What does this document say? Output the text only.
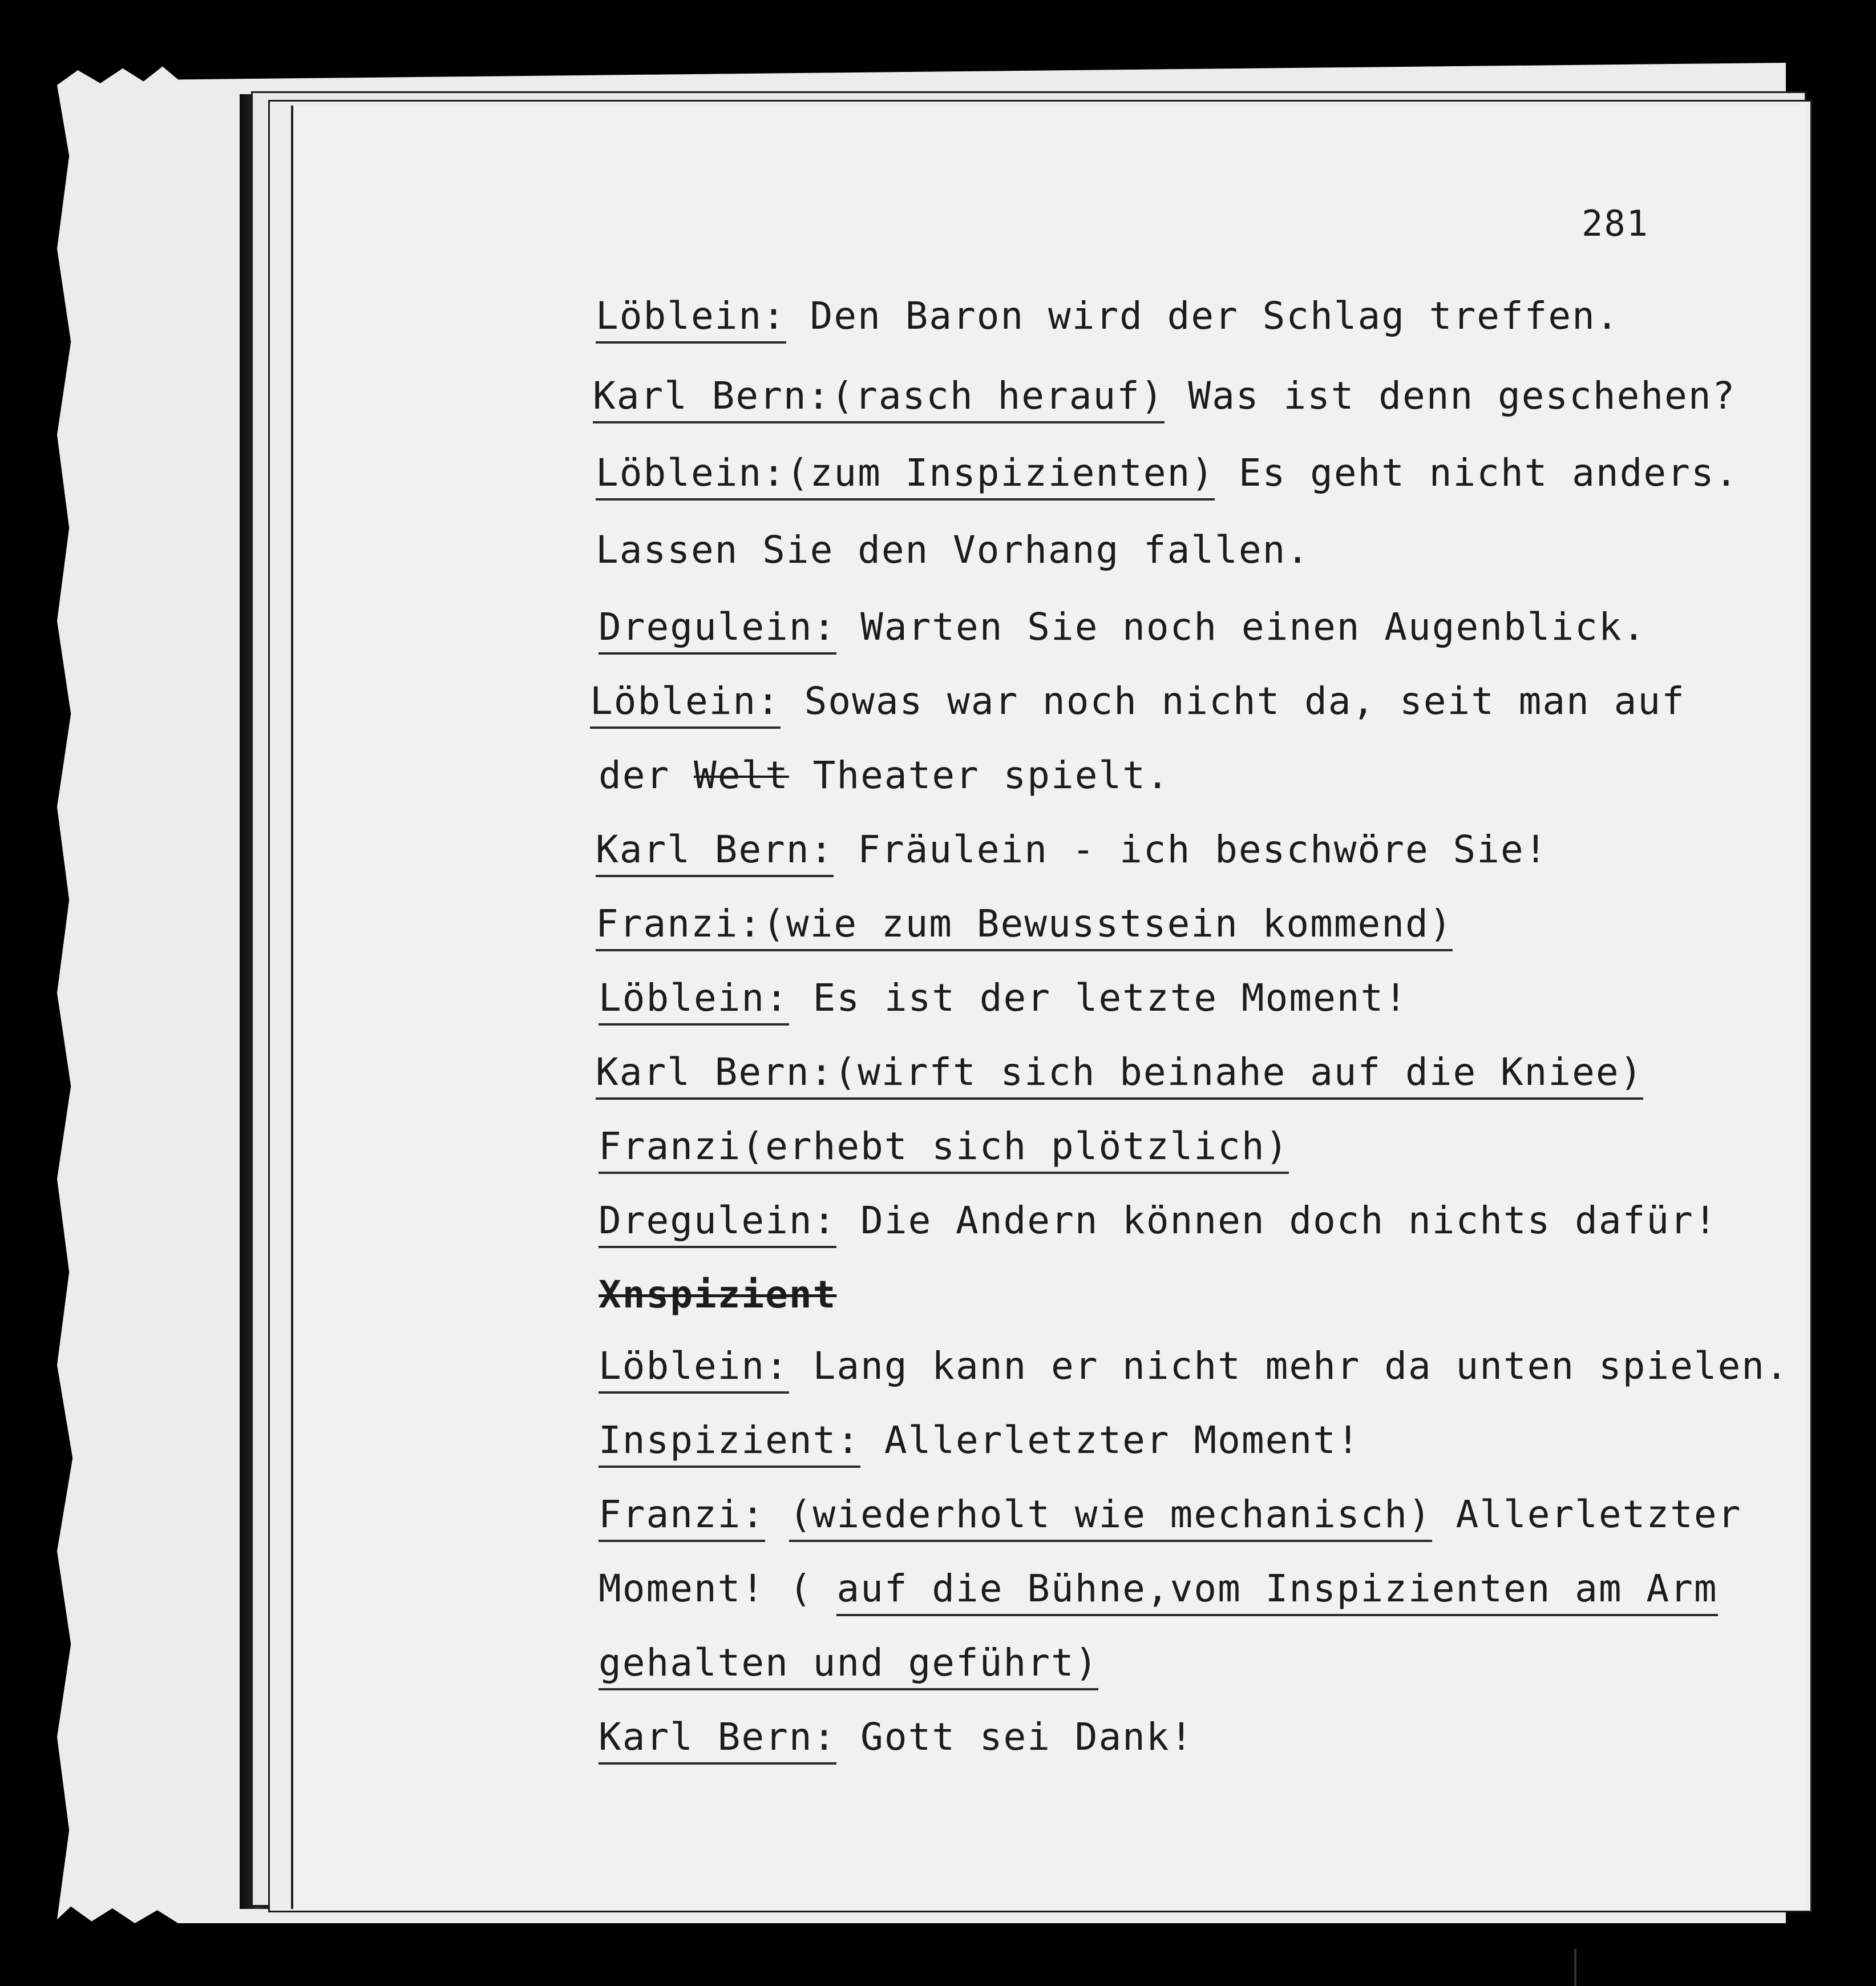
281
Löblein: Den Baron wird der Schlag treffen.
Karl Bern:(rasch herauf) Was ist denn geschehen?
Löblein:(zum Inspizienten) Es geht nicht anders.
Lassen Sie den Vorhang fallen.
Dregulein: Warten Sie noch einen Augenblick.
Löblein: Sowas war noch nicht da, seit man auf
der Welt Theater spielt.
Karl Bern: Fräulein - ich beschwöre Sie!
Franzi:(wie zum Bewusstsein kommend)
Löblein: Es ist der letzte Moment!
Karl Bern:(wirft sich beinahe auf die Kniee)
Franzi(erhebt sich plötzlich)
Dregulein: Die Andern können doch nichts dafür!
Xnspizient
Löblein: Lang kann er nicht mehr da unten spielen.
Inspizient: Allerletzter Moment!
Franzi: (wiederholt wie mechanisch) Allerletzter
Moment! ( auf die Bühne,vom Inspizienten am Arm
gehalten und geführt)
Karl Bern: Gott sei Dank!
